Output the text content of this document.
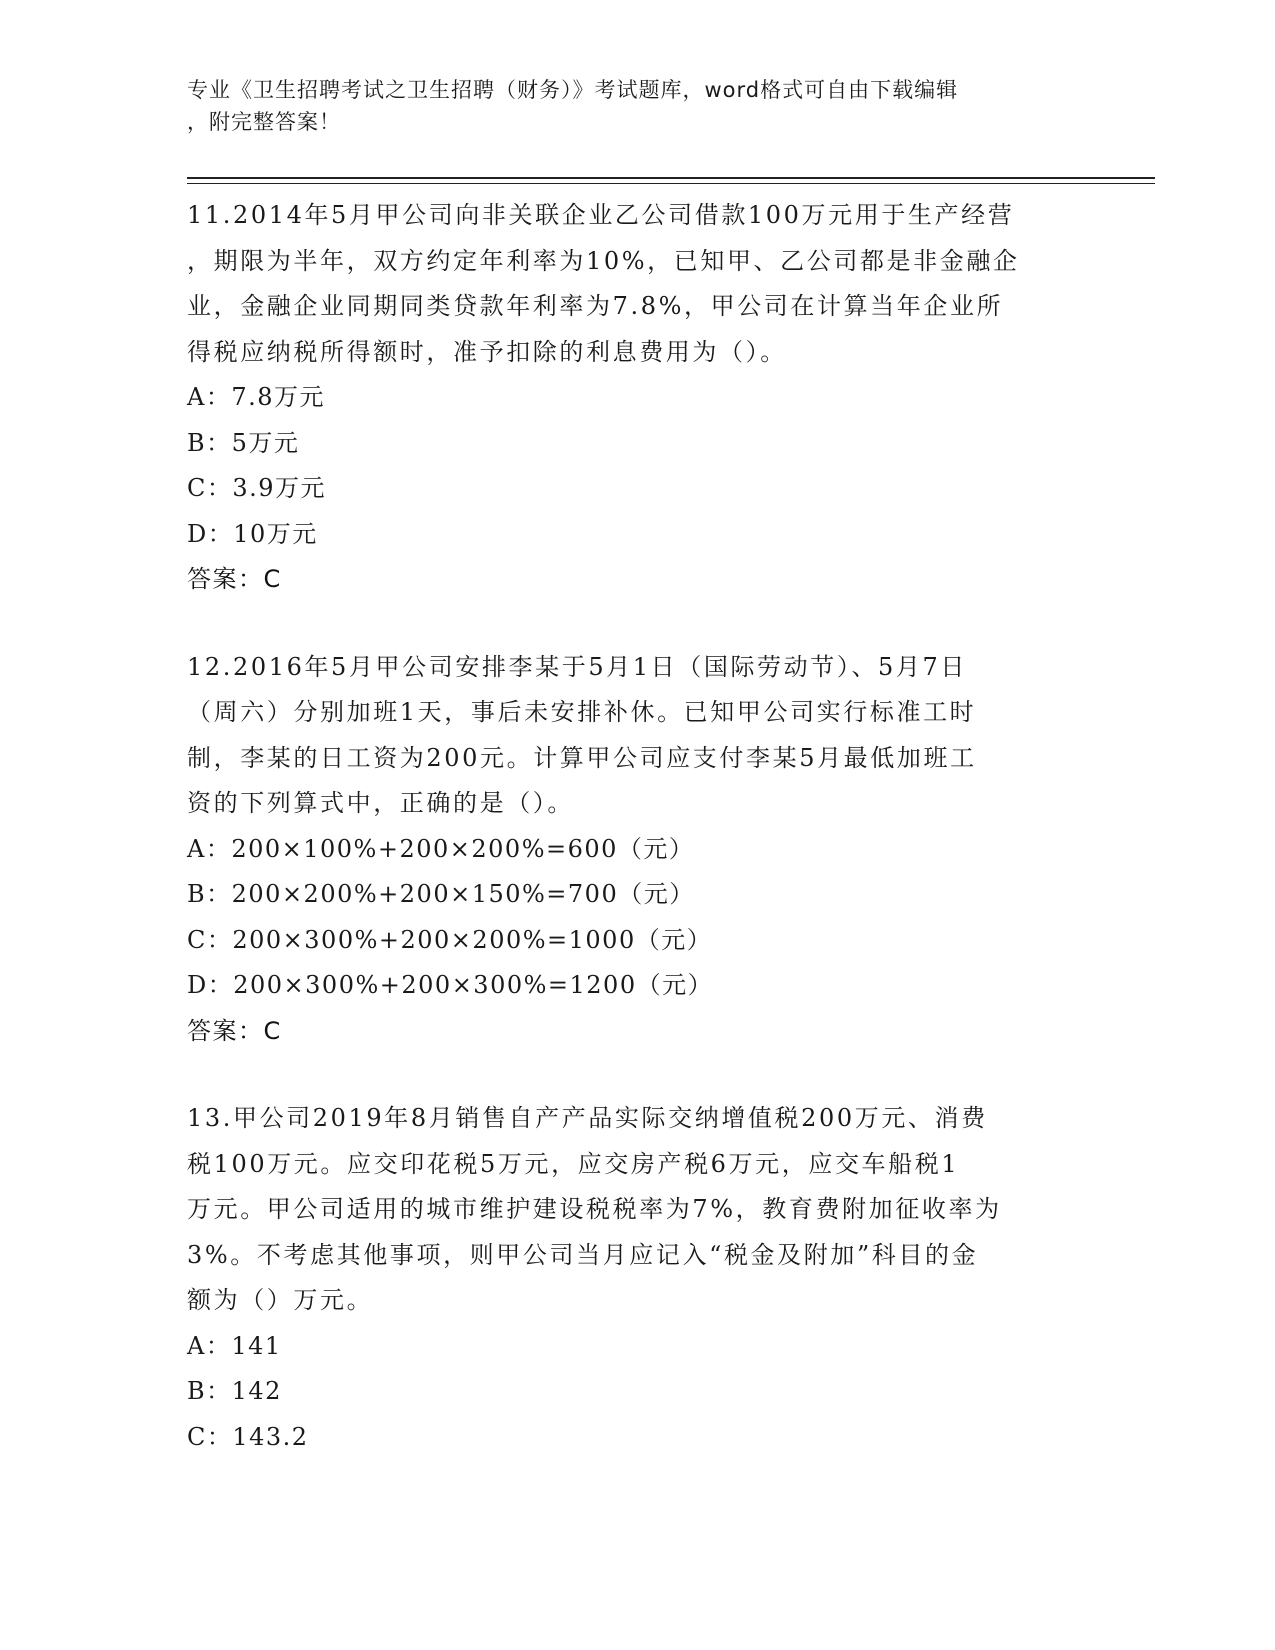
专业《卫生招聘考试之卫生招聘（财务）》考试题库，word格式可自由下载编辑
，附完整答案！
11.2014年5月甲公司向非关联企业乙公司借款100万元用于生产经营
，期限为半年，双方约定年利率为10%，已知甲、乙公司都是非金融企
业，金融企业同期同类贷款年利率为7.8%，甲公司在计算当年企业所
得税应纳税所得额时，准予扣除的利息费用为（）。
A：7.8万元
B：5万元
C：3.9万元
D：10万元
答案：C
12.2016年5月甲公司安排李某于5月1日（国际劳动节）、5月7日
（周六）分别加班1天，事后未安排补休。已知甲公司实行标准工时
制，李某的日工资为200元。计算甲公司应支付李某5月最低加班工
资的下列算式中，正确的是（）。
A：200×100%+200×200%=600（元）
B：200×200%+200×150%=700（元）
C：200×300%+200×200%=1000（元）
D：200×300%+200×300%=1200（元）
答案：C
13.甲公司2019年8月销售自产产品实际交纳增值税200万元、消费
税100万元。应交印花税5万元，应交房产税6万元，应交车船税1
万元。甲公司适用的城市维护建设税税率为7%，教育费附加征收率为
3%。不考虑其他事项，则甲公司当月应记入“税金及附加”科目的金
额为（）万元。
A：141
B：142
C：143.2
